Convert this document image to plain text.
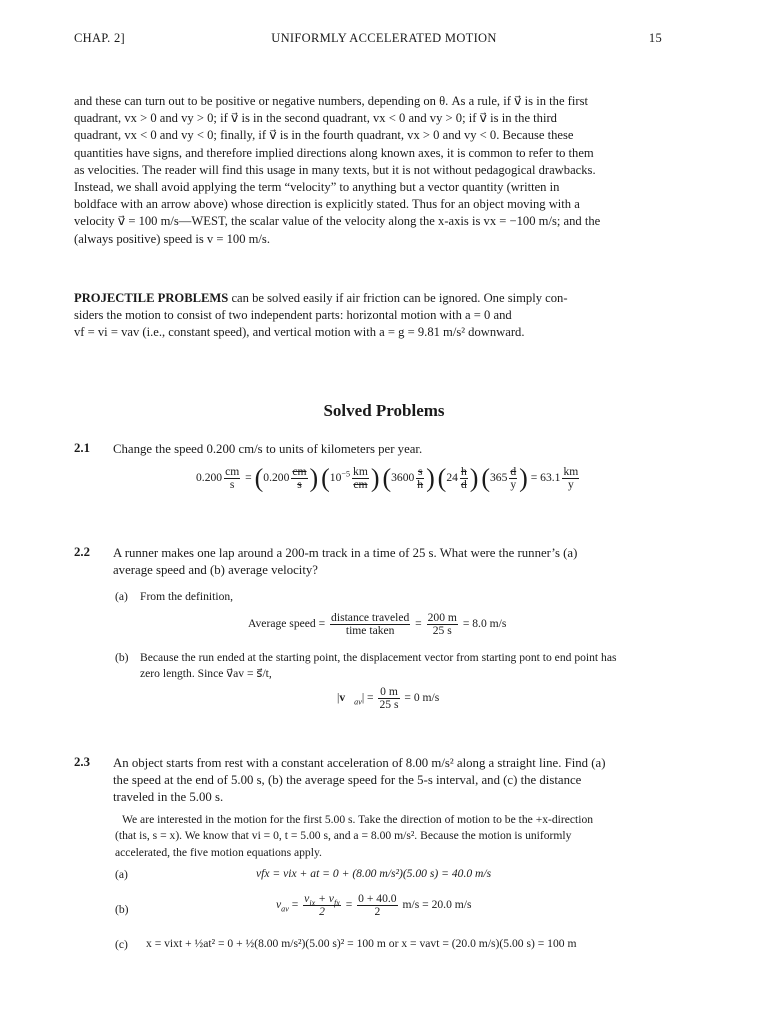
CHAP. 2]	UNIFORMLY ACCELERATED MOTION	15
and these can turn out to be positive or negative numbers, depending on θ. As a rule, if v⃗ is in the first
quadrant, vx > 0 and vy > 0; if v⃗ is in the second quadrant, vx < 0 and vy > 0; if v⃗ is in the third
quadrant, vx < 0 and vy < 0; finally, if v⃗ is in the fourth quadrant, vx > 0 and vy < 0. Because these
quantities have signs, and therefore implied directions along known axes, it is common to refer to them
as velocities. The reader will find this usage in many texts, but it is not without pedagogical drawbacks.
Instead, we shall avoid applying the term “velocity” to anything but a vector quantity (written in
boldface with an arrow above) whose direction is explicitly stated. Thus for an object moving with a
velocity v⃗ = 100 m/s—WEST, the scalar value of the velocity along the x-axis is vx = −100 m/s; and the
(always positive) speed is v = 100 m/s.
PROJECTILE PROBLEMS can be solved easily if air friction can be ignored. One simply con-
siders the motion to consist of two independent parts: horizontal motion with a = 0 and
vf = vi = vav (i.e., constant speed), and vertical motion with a = g = 9.81 m/s² downward.
Solved Problems
2.1 Change the speed 0.200 cm/s to units of kilometers per year.
$0.200 \frac{cm}{s} = (0.200 \frac{cm}{s}$ ) ($10^{-5} \frac{km}{cm}$ ) ($3600 \frac{s}{h}$ ) ($24 \frac{h}{d}$ ) ($365 \frac{d}{y}$ ) = $63.1 \frac{km}{y}$
2.2 A runner makes one lap around a 200-m track in a time of 25 s. What were the runner’s (a)
average speed and (b) average velocity?
(a) From the definition,
Average speed = $\frac{\text{distance traveled}}{\text{time taken}} = \frac{200 m}{25 s} = 8.0$ m/s
(b) Because the run ended at the starting point, the displacement vector from starting pont to end point has
zero length. Since v⃗av = s⃗/t,
$|v⃗_{av}| = \frac{0 m}{25 s} = 0$ m/s
2.3 An object starts from rest with a constant acceleration of 8.00 m/s² along a straight line. Find (a)
the speed at the end of 5.00 s, (b) the average speed for the 5-s interval, and (c) the distance
traveled in the 5.00 s.
We are interested in the motion for the first 5.00 s. Take the direction of motion to be the +x-direction
(that is, s = x). We know that vi = 0, t = 5.00 s, and a = 8.00 m/s². Because the motion is uniformly
accelerated, the five motion equations apply.
(a)	vfx = vix + at = 0 + (8.00 m/s²)(5.00 s) = 40.0 m/s
(b)	$v_{av} = \frac{v_{ix} + v_{fx}}{2} = \frac{0 + 40.0}{2} m/s = 20.0$ m/s
(c) x = vixt + ½at² = 0 + ½(8.00 m/s²)(5.00 s)² = 100 m or x = vavt = (20.0 m/s)(5.00 s) = 100 m
